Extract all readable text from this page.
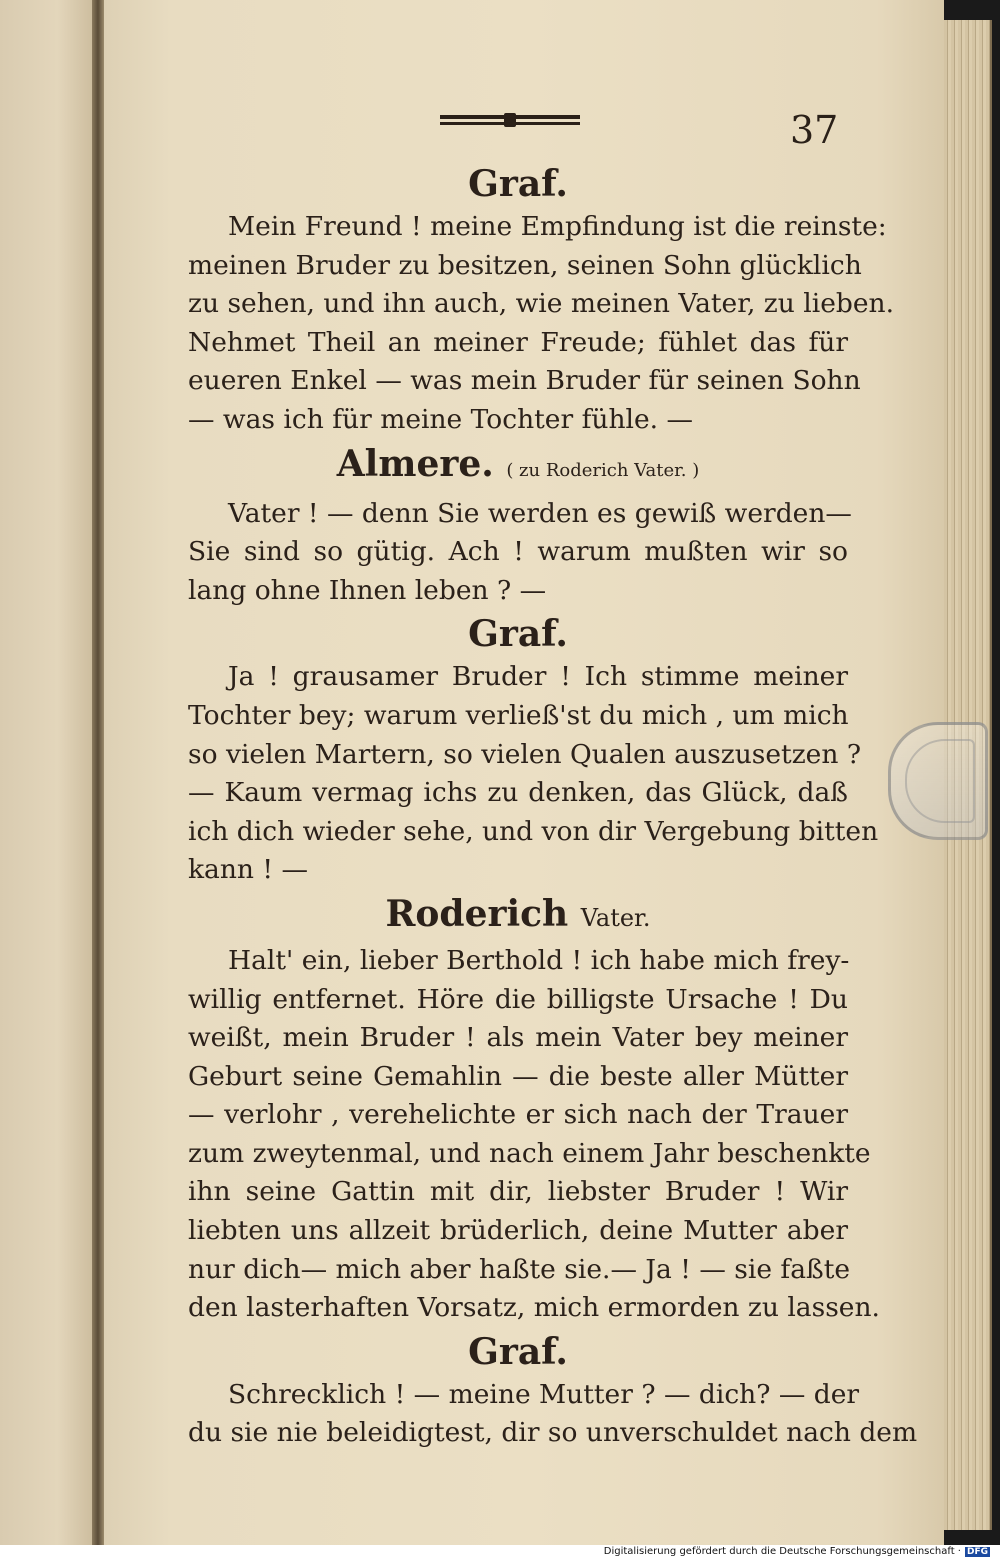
37
Graf.
Mein Freund ! meine Empfindung ist die reinste:
meinen Bruder zu besitzen, seinen Sohn glücklich
zu sehen, und ihn auch, wie meinen Vater, zu lieben.
Nehmet Theil an meiner Freude; fühlet das für
eueren Enkel — was mein Bruder für seinen Sohn
— was ich für meine Tochter fühle. —
Almere. ( zu Roderich Vater. )
Vater ! — denn Sie werden es gewiß werden—
Sie sind so gütig. Ach ! warum mußten wir so
lang ohne Ihnen leben ? —
Graf.
Ja ! grausamer Bruder ! Ich stimme meiner
Tochter bey; warum verließ'st du mich , um mich
so vielen Martern, so vielen Qualen auszusetzen ?
— Kaum vermag ichs zu denken, das Glück, daß
ich dich wieder sehe, und von dir Vergebung bitten
kann ! —
Roderich Vater.
Halt' ein, lieber Berthold ! ich habe mich frey-
willig entfernet. Höre die billigste Ursache ! Du
weißt, mein Bruder ! als mein Vater bey meiner
Geburt seine Gemahlin — die beste aller Mütter
— verlohr , verehelichte er sich nach der Trauer
zum zweytenmal, und nach einem Jahr beschenkte
ihn seine Gattin mit dir, liebster Bruder ! Wir
liebten uns allzeit brüderlich, deine Mutter aber
nur dich— mich aber haßte sie.— Ja ! — sie faßte
den lasterhaften Vorsatz, mich ermorden zu lassen.
Graf.
Schrecklich ! — meine Mutter ? — dich? — der
du sie nie beleidigtest, dir so unverschuldet nach dem
Digitalisierung gefördert durch die Deutsche Forschungsgemeinschaft · DFG
